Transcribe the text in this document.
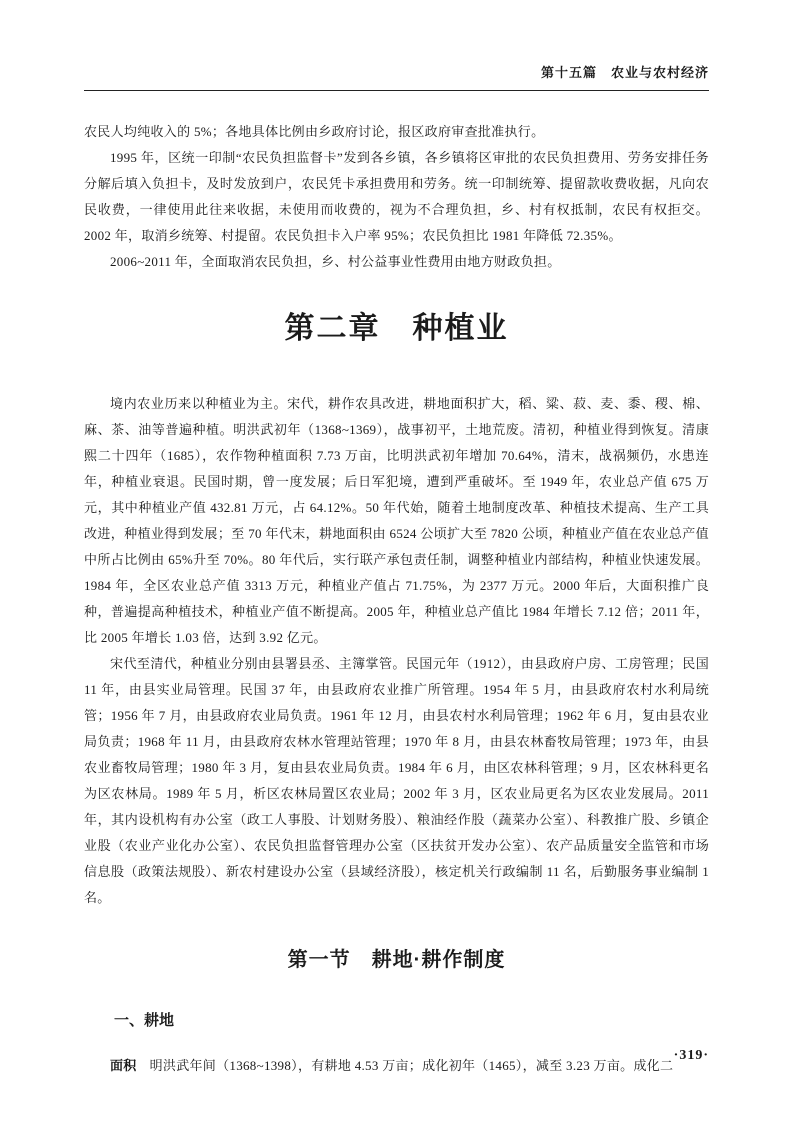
第十五篇　农业与农村经济

农民人均纯收入的 5%；各地具体比例由乡政府讨论，报区政府审查批准执行。

1995 年，区统一印制“农民负担监督卡”发到各乡镇，各乡镇将区审批的农民负担费用、劳务安排任务分解后填入负担卡，及时发放到户，农民凭卡承担费用和劳务。统一印制统筹、提留款收费收据，凡向农民收费，一律使用此往来收据，未使用而收费的，视为不合理负担，乡、村有权抵制，农民有权拒交。2002 年，取消乡统筹、村提留。农民负担卡入户率 95%；农民负担比 1981 年降低 72.35%。

2006~2011 年，全面取消农民负担，乡、村公益事业性费用由地方财政负担。

第二章　种植业

境内农业历来以种植业为主。宋代，耕作农具改进，耕地面积扩大，稻、粱、菽、麦、黍、稷、棉、麻、茶、油等普遍种植。明洪武初年（1368~1369），战事初平，土地荒废。清初，种植业得到恢复。清康熙二十四年（1685），农作物种植面积 7.73 万亩，比明洪武初年增加 70.64%，清末，战祸频仍，水患连年，种植业衰退。民国时期，曾一度发展；后日军犯境，遭到严重破坏。至 1949 年，农业总产值 675 万元，其中种植业产值 432.81 万元，占 64.12%。50 年代始，随着土地制度改革、种植技术提高、生产工具改进，种植业得到发展；至 70 年代末，耕地面积由 6524 公顷扩大至 7820 公顷，种植业产值在农业总产值中所占比例由 65%升至 70%。80 年代后，实行联产承包责任制，调整种植业内部结构，种植业快速发展。1984 年，全区农业总产值 3313 万元，种植业产值占 71.75%，为 2377 万元。2000 年后，大面积推广良种，普遍提高种植技术，种植业产值不断提高。2005 年，种植业总产值比 1984 年增长 7.12 倍；2011 年，比 2005 年增长 1.03 倍，达到 3.92 亿元。

宋代至清代，种植业分别由县署县丞、主簿掌管。民国元年（1912），由县政府户房、工房管理；民国 11 年，由县实业局管理。民国 37 年，由县政府农业推广所管理。1954 年 5 月，由县政府农村水利局统管；1956 年 7 月，由县政府农业局负责。1961 年 12 月，由县农村水利局管理；1962 年 6 月，复由县农业局负责；1968 年 11 月，由县政府农林水管理站管理；1970 年 8 月，由县农林畜牧局管理；1973 年，由县农业畜牧局管理；1980 年 3 月，复由县农业局负责。1984 年 6 月，由区农林科管理；9 月，区农林科更名为区农林局。1989 年 5 月，析区农林局置区农业局；2002 年 3 月，区农业局更名为区农业发展局。2011 年，其内设机构有办公室（政工人事股、计划财务股）、粮油经作股（蔬菜办公室）、科教推广股、乡镇企业股（农业产业化办公室）、农民负担监督管理办公室（区扶贫开发办公室）、农产品质量安全监管和市场信息股（政策法规股）、新农村建设办公室（县域经济股），核定机关行政编制 11 名，后勤服务事业编制 1 名。

第一节　耕地·耕作制度
一、耕地

面积 明洪武年间（1368~1398），有耕地 4.53 万亩；成化初年（1465），减至 3.23 万亩。成化二

·319·
